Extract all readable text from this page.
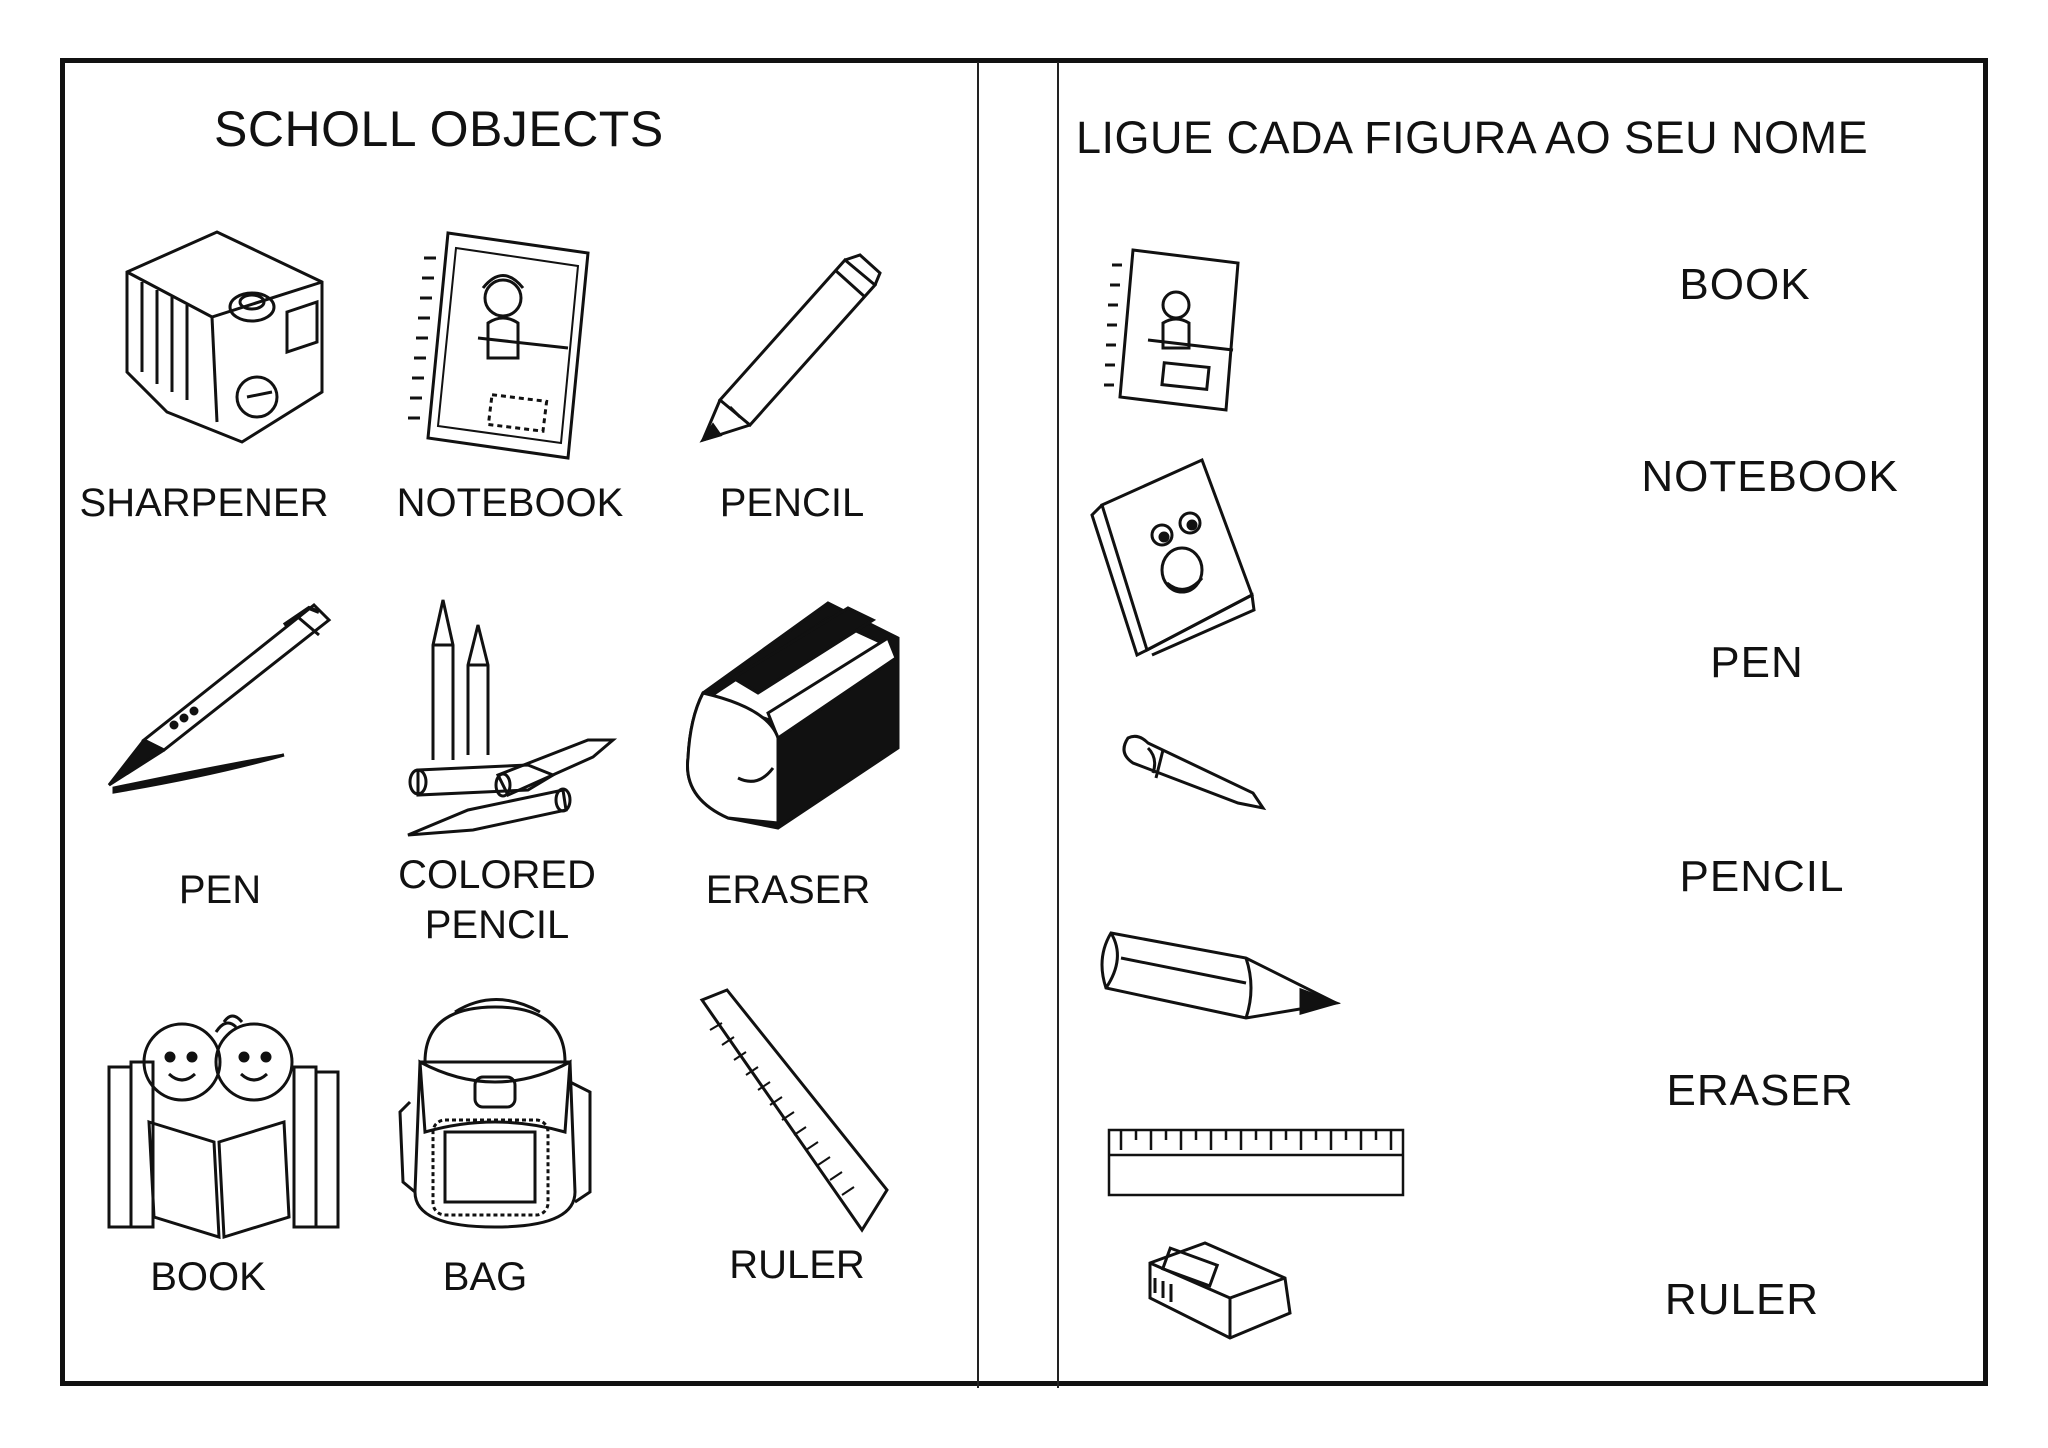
SCHOLL OBJECTS
SHARPENER NOTEBOOK PENCIL
PEN	COLORED
PENCIL
ERASER
BOOK	BAG	RULER
LIGUE CADA FIGURA AO SEU NOME
BOOK
NOTEBOOK
PEN
PENCIL
ERASER
RULER
